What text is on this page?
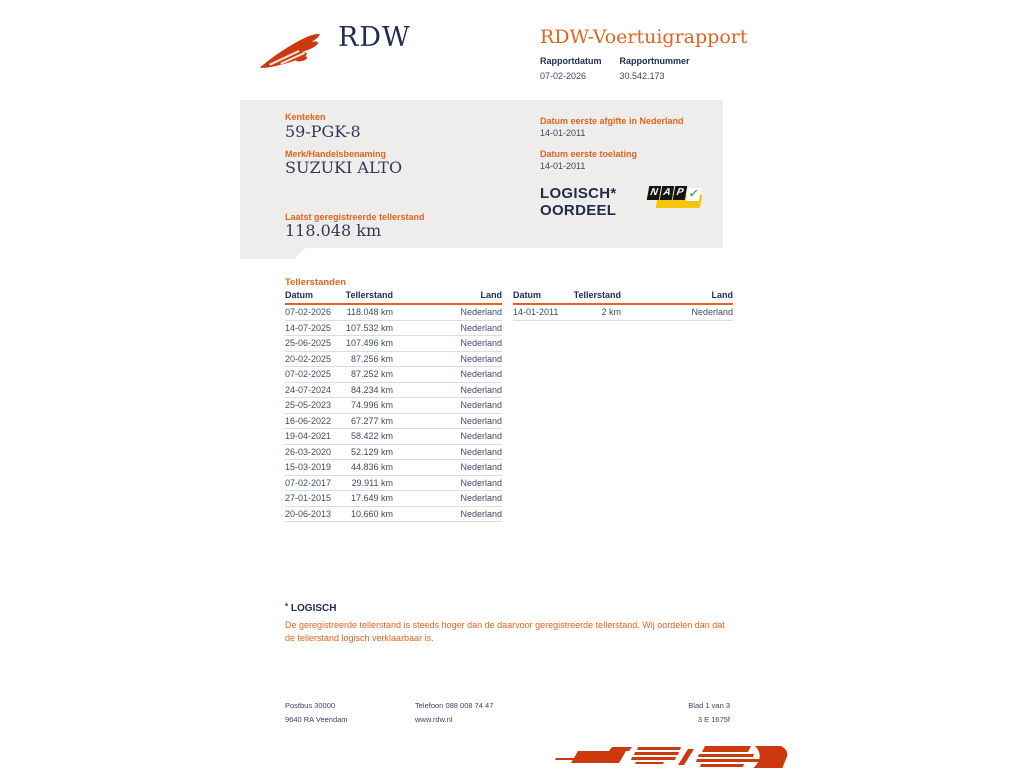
RDW	RDW-Voertuigrapport
Rapportdatum
07-02-2026
Rapportnummer
30.542.173
Kenteken
59-PGK-8
Merk/Handelsbenaming
SUZUKI ALTO
Laatst geregistreerde tellerstand
118.048 km
Datum eerste afgifte in Nederland
14-01-2011
Datum eerste toelating
14-01-2011
LOGISCH*
OORDEEL
N A P ✓
Tellerstanden
Datum	Tellerstand	Land
07-02-2026	118.048 km	Nederland
14-07-2025	107.532 km	Nederland
25-06-2025	107.496 km	Nederland
20-02-2025	87.256 km	Nederland
07-02-2025	87.252 km	Nederland
24-07-2024	84.234 km	Nederland
25-05-2023	74.996 km	Nederland
16-06-2022	67.277 km	Nederland
19-04-2021	58.422 km	Nederland
26-03-2020	52.129 km	Nederland
15-03-2019	44.836 km	Nederland
07-02-2017	29.911 km	Nederland
27-01-2015	17.649 km	Nederland
20-06-2013	10.660 km	Nederland
Datum	Tellerstand	Land
14-01-2011	2 km	Nederland
* LOGISCH
De geregistreerde tellerstand is steeds hoger dan de daarvoor geregistreerde tellerstand. Wij oordelen dan dat de tellerstand logisch verklaarbaar is.
Postbus 30000
9640 RA Veendam
Telefoon 088 008 74 47
www.rdw.nl
Blad 1 van 3
3 E 1675f
